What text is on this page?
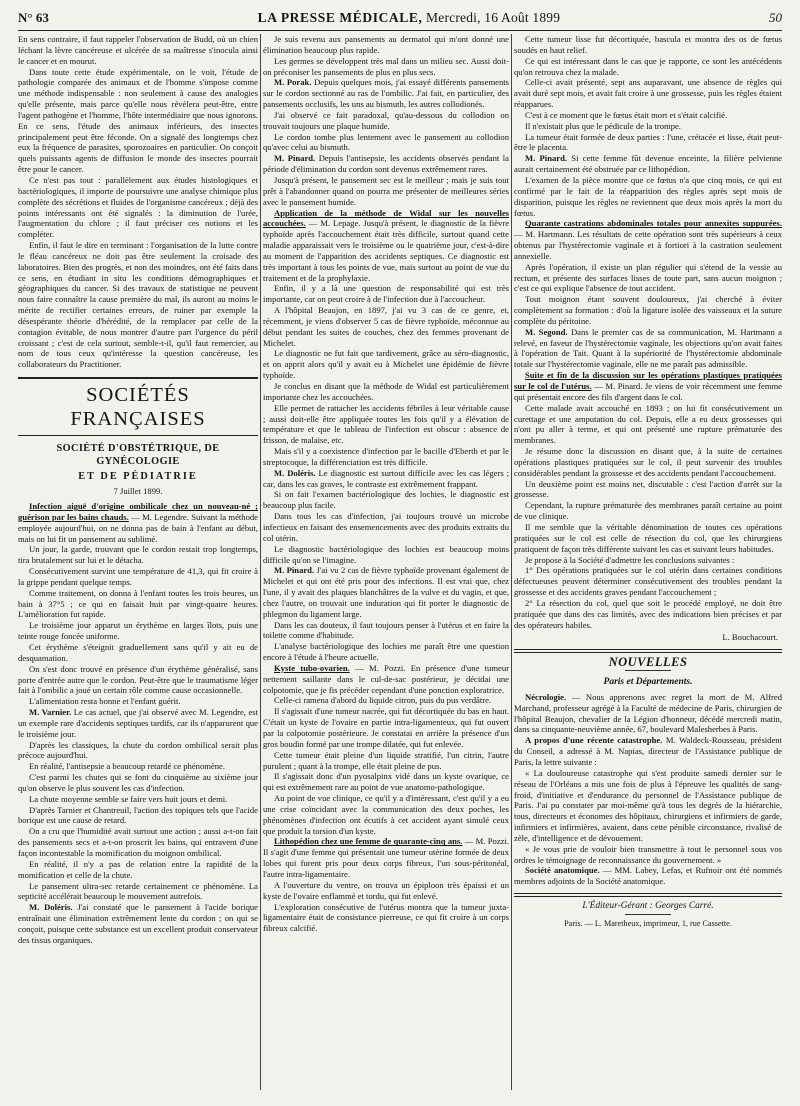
N° 63	LA PRESSE MÉDICALE, Mercredi, 16 Août 1899	50

En sens contraire, il faut rappeler l'observation de Budd, où un chien léchant la lèvre cancéreuse et ulcérée de sa maîtresse s'inocula ainsi le cancer et en mourut.

Dans toute cette étude expérimentale, on le voit, l'étude de pathologie comparée des animaux et de l'homme s'impose comme une méthode indispensable : non seulement à cause des analogies qu'elle présente, mais parce qu'elle nous révèlera peut-être, entre l'agent pathogène et l'homme, l'hôte intermédiaire que nous ignorons. En ce sens, l'étude des animaux inférieurs, des insectes principalement peut être féconde. On a signalé des longtemps chez eux la fréquence de parasites, sporozoaires en particulier. On conçoit quels puissants agents de diffusion le monde des insectes pourrait être pour le cancer.

Ce n'est pas tout : parallèlement aux études histologiques et bactériologiques, il importe de poursuivre une analyse chimique plus complète des sécrétions et fluides de l'organisme cancéreux ; déjà des points intéressants ont été signalés : la diminution de l'urée, l'augmentation du chlore ; il faut préciser ces notions et les compléter.

Enfin, il faut le dire en terminant : l'organisation de la lutte contre le fléau cancéreux ne doit pas être seulement la croisade des laboratoires. Bien des progrès, et non des moindres, ont été faits dans ce sens, en étudiant in situ les conditions démographiques et géographiques du cancer. Si des travaux de statistique ne peuvent nous faire connaître la cause première du mal, ils auront au moins le mérite de rectifier certaines erreurs, de ruiner par exemple la désespérante théorie d'hérédité, de la remplacer par celle de la contagion évitable, de nous montrer d'autre part l'urgence du péril croissant ; c'est de cela surtout, semble-t-il, qu'il faut remercier, au nom de tous ceux qu'intéresse la question cancéreuse, les collaborateurs du Practitioner.

SOCIÉTÉS FRANÇAISES
SOCIÉTÉ D'OBSTÉTRIQUE, DE GYNÉCOLOGIE
ET DE PÉDIATRIE
7 Juillet 1899.

Infection aiguë d'origine ombilicale chez un nouveau-né ; guérison par les bains chauds. — M. Legendre. Suivant la méthode employée aujourd'hui, on ne donna pas de bain à l'enfant au début, mais on lui fit un pansement au sublimé.

Un jour, la garde, trouvant que le cordon restait trop longtemps, tira brutalement sur lui et le détacha.

Consécutivement survint une température de 41,3, qui fit croire à la grippe pendant quelque temps.

Comme traitement, on donna à l'enfant toutes les trois heures, un bain à 37°5 ; ce qui en faisait huit par vingt-quatre heures. L'amélioration fut rapide.

Le troisième jour apparut un érythème en larges îlots, puis une teinte rouge foncée uniforme.

Cet érythème s'éteignit graduellement sans qu'il y ait eu de desquamation.

On s'est donc trouvé en présence d'un érythème généralisé, sans porte d'entrée autre que le cordon. Peut-être que le traumatisme léger fait à l'ombilic a joué un certain rôle comme cause occasionnelle.

L'alimentation resta bonne et l'enfant guérit.

M. Varnier. Le cas actuel, que j'ai observé avec M. Legendre, est un exemple rare d'accidents septiques tardifs, car ils n'apparurent que le troisième jour.

D'après les classiques, la chute du cordon ombilical serait plus précoce aujourd'hui.

En réalité, l'antisepsie a beaucoup retardé ce phénomène.

C'est parmi les chutes qui se font du cinquième au sixième jour qu'on observe le plus souvent les cas d'infection.

La chute moyenne semble se faire vers huit jours et demi.

D'après Tarnier et Chantreuil, l'action des topiques tels que l'acide borique est une cause de retard.

On a cru que l'humidité avait surtout une action ; aussi a-t-on fait des pansements secs et a-t-on proscrit les bains, qui entravent d'une façon incontestable la momification du moignon ombilical.

En réalité, il n'y a pas de relation entre la rapidité de la momification et celle de la chute.

Le pansement ultra-sec retarde certainement ce phénomène. La septicité accélérait beaucoup le mouvement autrefois.

M. Doléris. J'ai constaté que le pansement à l'acide borique entraînait une élimination extrêmement lente du cordon ; on qui se conçoit, puisque cette substance est un excellent produit conservateur des tissus organiques.

Je suis revenu aux pansements au dermatol qui m'ont donné une élimination beaucoup plus rapide.

Les germes se développent très mal dans un milieu sec. Aussi doit-on préconiser les pansements de plus en plus secs.

M. Porak. Depuis quelques mois, j'ai essayé différents pansements sur le cordon sectionné au ras de l'ombilic. J'ai fait, en particulier, des pansements occlusifs, les uns au bismuth, les autres collodionés.

J'ai observé ce fait paradoxal, qu'au-dessous du collodion on trouvait toujours une plaque humide.

Le cordon tombe plus lentement avec le pansement au collodion qu'avec celui au bismuth.

M. Pinard. Depuis l'antisepsie, les accidents observés pendant la période d'élimination du cordon sont devenus extrêmement rares.

Jusqu'à présent, le pansement sec est le meilleur ; mais je suis tout prêt à l'abandonner quand on pourra me présenter de meilleures séries avec le pansement humide.

Application de la méthode de Widal sur les nouvelles accouchées. — M. Lepage. Jusqu'à présent, le diagnostic de la fièvre typhoïde après l'accouchement était très difficile, surtout quand cette maladie apparaissait vers le troisième ou le quatrième jour, c'est-à-dire au moment de l'apparition des accidents septiques. Ce diagnostic est très important à tous les points de vue, mais surtout au point de vue du traitement et de la prophylaxie.

Enfin, il y a là une question de responsabilité qui est très importante, car on peut croire à de l'infection due à l'accoucheur.

A l'hôpital Beaujon, en 1897, j'ai vu 3 cas de ce genre, et, récemment, je viens d'observer 5 cas de fièvre typhoïde, méconnue au début pendant les suites de couches, chez des femmes provenant de Michelet.

Le diagnostic ne fut fait que tardivement, grâce au séro-diagnostic, et on apprit alors qu'il y avait eu à Michelet une épidémie de fièvre typhoïde.

Je conclus en disant que la méthode de Widal est particulièrement importante chez les accouchées.

Elle permet de rattacher les accidents fébriles à leur véritable cause ; aussi doit-elle être appliquée toutes les fois qu'il y a élévation de température et que le tableau de l'infection est obscur : absence de frisson, de malaise, etc.

Mais s'il y a coexistence d'infection par le bacille d'Eberth et par le streptocoque, la différenciation est très difficile.

M. Doléris. Le diagnostic est surtout difficile avec les cas légers ; car, dans les cas graves, le contraste est extrêmement frappant.

Si on fait l'examen bactériologique des lochies, le diagnostic est beaucoup plus facile.

Dans tous les cas d'infection, j'ai toujours trouvé un microbe infectieux en faisant des ensemencements avec des produits extraits du col utérin.

Le diagnostic bactériologique des lochies est beaucoup moins difficile qu'on se l'imagine.

M. Pinard. J'ai vu 2 cas de fièvre typhoïde provenant également de Michelet et qui ont été pris pour des infections. Il est vrai que, chez l'une, il y avait des plaques blanchâtres de la vulve et du vagin, et que, chez l'autre, on trouvait une induration qui fit porter le diagnostic de phlegmon du ligament large.

Dans les cas douteux, il faut toujours penser à l'utérus et en faire la toilette comme d'habitude.

L'analyse bactériologique des lochies me paraît être une question encore à l'étude à l'heure actuelle.

Kyste tubo-ovarien. — M. Pozzi. En présence d'une tumeur nettement saillante dans le cul-de-sac postérieur, je décidai une colpotomie, que je fis précéder cependant d'une ponction exploratrice.

Celle-ci ramena d'abord du liquide citron, puis du pus verdâtre.

Il s'agissait d'une tumeur nacrée, qui fut décortiquée du bas en haut. C'était un kyste de l'ovaire en partie intra-ligamenteux, qui fut ouvert par la colpotomie postérieure. Je constatai en arrière la présence d'un gros boudin formé par une trompe dilatée, qui fut enlevée.

Cette tumeur était pleine d'un liquide stratifié, l'un citrin, l'autre purulent ; quant à la trompe, elle était pleine de pus.

Il s'agissait donc d'un pyosalpinx vidé dans un kyste ovarique, ce qui est extrêmement rare au point de vue anatomo-pathologique.

Au point de vue clinique, ce qu'il y a d'intéressant, c'est qu'il y a eu une crise coïncidant avec la communication des deux poches, les phénomènes d'infection ont écutifs à cet accident ayant simulé ceux que produit la torsion d'un kyste.

Lithopédion chez une femme de quarante-cinq ans. — M. Pozzi. Il s'agit d'une femme qui présentait une tumeur utérine formée de deux lobes qui furent pris pour deux corps fibreux, l'un sous-péritonéal, l'autre intra-ligamentaire.

A l'ouverture du ventre, on trouva un épiploon très épaissi et un kyste de l'ovaire enflammé et tordu, qui fut enlevé.

L'exploration consécutive de l'utérus montra que la tumeur juxta-ligamentaire était de consistance pierreuse, ce qui fit croire à un corps fibreux calcifié.

Cette tumeur lisse fut décortiquée, bascula et montra des os de fœtus soudés en haut relief.

Ce qui est intéressant dans le cas que je rapporte, ce sont les antécédents qu'on retrouva chez la malade.

Celle-ci avait présenté, sept ans auparavant, une absence de règles qui avait duré sept mois, et avait fait croire à une grossesse, puis les règles étaient réapparues.

C'est à ce moment que le fœtus était mort et s'était calcifié.

Il n'existait plus que le pédicule de la trompe.

La tumeur était formée de deux parties : l'une, crétacée et lisse, était peut-être le placenta.

M. Pinard. Si cette femme fût devenue enceinte, la filière pelvienne aurait certainement été obstruée par ce lithopédion.

L'examen de la pièce montre que ce fœtus n'a que cinq mois, ce qui est confirmé par le fait de la réapparition des règles après sept mois de disparition, puisque les règles ne reviennent que deux mois après la mort du fœtus.

Quarante castrations abdominales totales pour annexites suppurées. — M. Hartmann. Les résultats de cette opération sont très supérieurs à ceux obtenus par l'hystérectomie vaginale et à fortiori à la castration seulement annexielle.

Après l'opération, il existe un plan régulier qui s'étend de la vessie au rectum, et présente des surfaces lisses de toute part, sans aucun moignon ; c'est ce qui explique l'absence de tout accident.

Tout moignon étant souvent douloureux, j'ai cherché à éviter complètement sa formation : d'où la ligature isolée des vaisseaux et la suture complète du péritoine.

M. Segond. Dans le premier cas de sa communication, M. Hartmann a relevé, en faveur de l'hystérectomie vaginale, les objections qu'on avait faites à l'opération de Tait. Quant à la supériorité de l'hystérectomie abdominale totale sur l'hystérectomie vaginale, elle ne me paraît pas admissible.

Suite et fin de la discussion sur les opérations plastiques pratiquées sur le col de l'utérus. — M. Pinard. Je viens de voir récemment une femme qui présentait encore des fils d'argent dans le col.

Cette malade avait accouché en 1893 ; on lui fit consécutivement un curettage et une amputation du col. Depuis, elle a eu deux grossesses qui n'ont pu aller à terme, et qui ont présenté une rupture prématurée des membranes.

Je résume donc la discussion en disant que, à la suite de certaines opérations plastiques pratiquées sur le col, il peut survenir des troubles considérables pendant la grossesse et des accidents pendant l'accouchement.

Un deuxième point est moins net, discutable : c'est l'action d'arrêt sur la grossesse.

Cependant, la rupture prématurée des membranes paraît certaine au point de vue clinique.

Il me semble que la véritable dénomination de toutes ces opérations pratiquées sur le col est celle de résection du col, que les chirurgiens pratiquent de façon très différente suivant les cas et suivant leurs habitudes.

Je propose à la Société d'admettre les conclusions suivantes :

1° Des opérations pratiquées sur le col utérin dans certaines conditions défectueuses peuvent déterminer consécutivement des troubles pendant la grossesse et des accidents graves pendant l'accouchement ;

2° La résection du col, quel que soit le procédé employé, ne doit être pratiquée que dans des cas limités, avec des indications bien précises et par des opérateurs habiles.

L. Bouchacourt.
NOUVELLES
Paris et Départements.

Nécrologie. — Nous apprenons avec regret la mort de M. Alfred Marchand, professeur agrégé à la Faculté de médecine de Paris, chirurgien de l'hôpital Beaujon, chevalier de la Légion d'honneur, décédé mercredi matin, dans sa cinquante-neuvième année, 67, boulevard Malesherbes à Paris.

A propos d'une récente catastrophe. M. Waldeck-Rousseau, président du Conseil, a adressé à M. Napias, directeur de l'Assistance publique de Paris, la lettre suivante :

« La douloureuse catastrophe qui s'est produite samedi dernier sur le réseau de l'Orléans a mis une fois de plus à l'épreuve les qualités de sang-froid, d'initiative et d'endurance du personnel de l'Assistance publique de Paris. J'ai pu constater par moi-même qu'à tous les degrés de la hiérarchie, tous, directeurs et économes des hôpitaux, chirurgiens et infirmiers de garde, infirmiers et infirmières, avaient, dans cette pénible circonstance, rivalisé de zèle, d'intelligence et de dévouement.

« Je vous prie de vouloir bien transmettre à tout le personnel sous vos ordres le témoignage de reconnaissance du gouvernement. »

Société anatomique. — MM. Labey, Lefas, et Rufnoir ont été nommés membres adjoints de la Société anatomique.

L'Éditeur-Gérant : Georges Carré.
Paris. — L. Maretheux, imprimeur, 1, rue Cassette.
